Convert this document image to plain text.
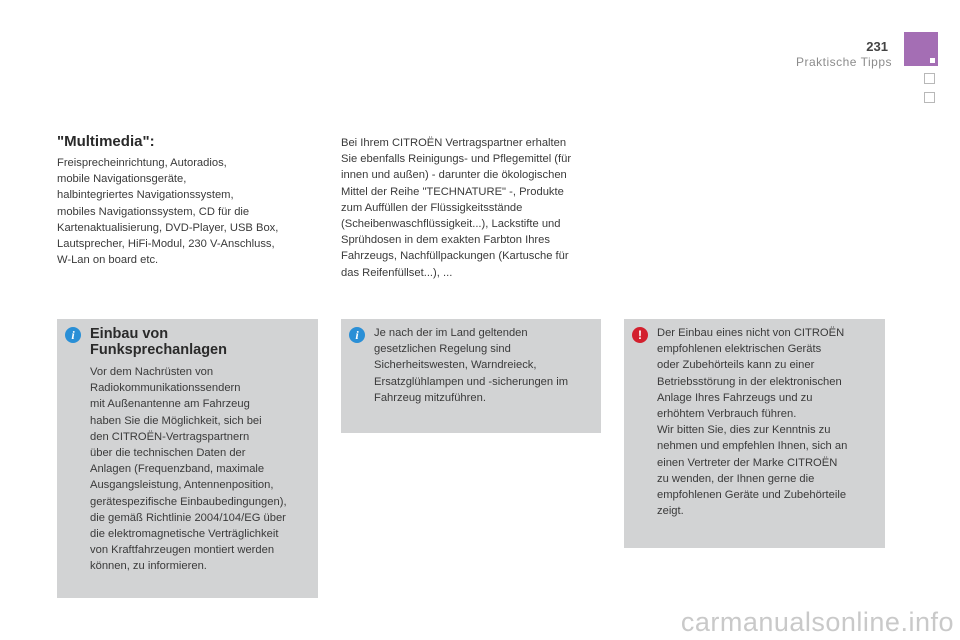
231
Praktische Tipps
"Multimedia":

Freisprecheinrichtung, Autoradios,
mobile Navigationsgeräte,
halbintegriertes Navigationssystem,
mobiles Navigationssystem, CD für die
Kartenaktualisierung, DVD-Player, USB Box,
Lautsprecher, HiFi-Modul, 230 V-Anschluss,
W-Lan on board etc.

Bei Ihrem CITROËN Vertragspartner erhalten
Sie ebenfalls Reinigungs- und Pflegemittel (für
innen und außen) - darunter die ökologischen
Mittel der Reihe "TECHNATURE" -, Produkte
zum Auffüllen der Flüssigkeitsstände
(Scheibenwaschflüssigkeit...), Lackstifte und
Sprühdosen in dem exakten Farbton Ihres
Fahrzeugs, Nachfüllpackungen (Kartusche für
das Reifenfüllset...), ...

i	Einbau von
Funksprechanlagen

Vor dem Nachrüsten von
Radiokommunikationssendern
mit Außenantenne am Fahrzeug
haben Sie die Möglichkeit, sich bei
den CITROËN-Vertragspartnern
über die technischen Daten der
Anlagen (Frequenzband, maximale
Ausgangsleistung, Antennenposition,
gerätespezifische Einbaubedingungen),
die gemäß Richtlinie 2004/104/EG über
die elektromagnetische Verträglichkeit
von Kraftfahrzeugen montiert werden
können, zu informieren.

i	Je nach der im Land geltenden
gesetzlichen Regelung sind
Sicherheitswesten, Warndreieck,
Ersatzglühlampen und -sicherungen im
Fahrzeug mitzuführen.

!	Der Einbau eines nicht von CITROËN
empfohlenen elektrischen Geräts
oder Zubehörteils kann zu einer
Betriebsstörung in der elektronischen
Anlage Ihres Fahrzeugs und zu
erhöhtem Verbrauch führen.
Wir bitten Sie, dies zur Kenntnis zu
nehmen und empfehlen Ihnen, sich an
einen Vertreter der Marke CITROËN
zu wenden, der Ihnen gerne die
empfohlenen Geräte und Zubehörteile
zeigt.

carmanualsonline.info
